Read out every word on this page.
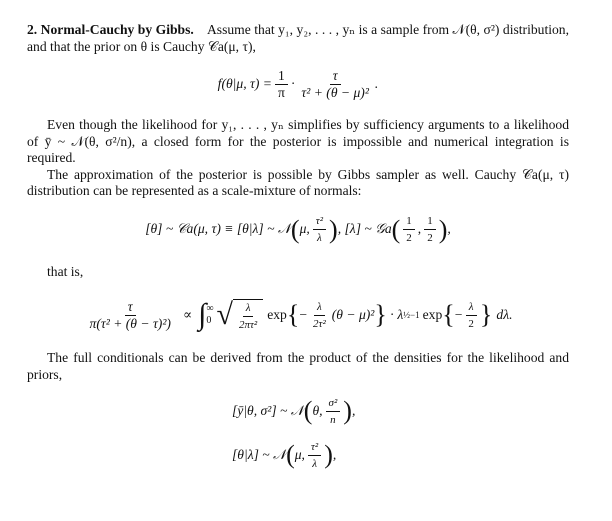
2. Normal-Cauchy by Gibbs. Assume that y₁, y₂, . . . , yₙ is a sample from 𝒩(θ, σ²) distribution, and that the prior on θ is Cauchy 𝒞a(μ, τ),

f(θ|μ, $\tau) = \frac{1}{\pi} \cdot \frac{\tau}{\text{τ² + (θ − μ)²}}$ .

Even though the likelihood for y₁, . . . , yₙ simplifies by sufficiency arguments to a likelihood of ȳ ~ 𝒩(θ, σ²/n), a closed form for the posterior is impossible and numerical integration is required.

The approximation of the posterior is possible by Gibbs sampler as well. Cauchy 𝒞a(μ, τ) distribution can be represented as a scale-mixture of normals:

[θ] ~ 𝒞a(μ, τ) ≡ [θ|λ] ~ 𝒩 ( μ, $\frac{\text{τ²}}{\lambda}$ ) , [λ] ~ 𝒢a ( $\frac{1}{2}$ , $\frac{1}{2}$ ) ,

that is,

$\frac{\tau}{\text{π(τ² + (θ − τ)²)}}$ ∝ ∫ ∞
0 √ $\frac{\lambda}{\text{2πτ²}}$ exp { − $\frac{\lambda}{\text{2τ²}} (\theta - \mu)^2$ } · λ ½−1 exp { − $\frac{\lambda}{2}$ } dλ.

The full conditionals can be derived from the product of the densities for the likelihood and priors,

[ȳ|θ, σ²] ~ 𝒩 ( θ, $\frac{\text{σ²}}{n}$ ) ,
[θ|λ] ~ 𝒩 ( μ, $\frac{\text{τ²}}{\lambda}$ ) ,
